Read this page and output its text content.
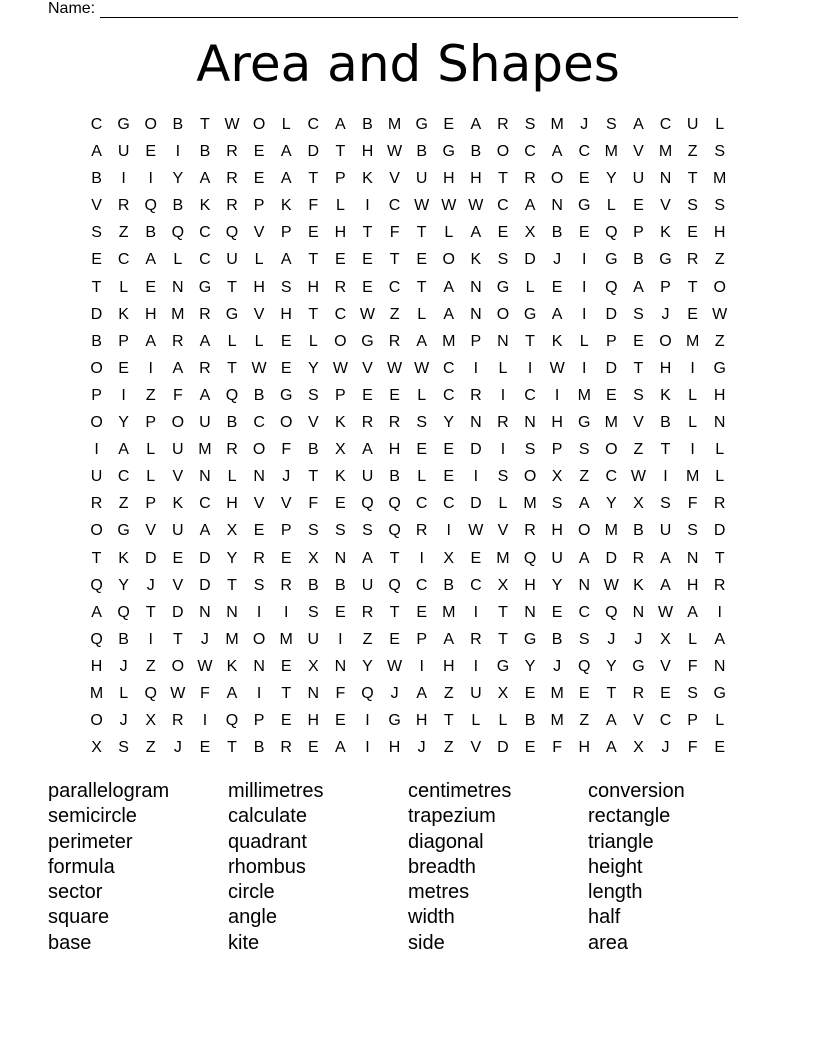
Name:
Area and Shapes
C G O B	T W O	L	C A	B M G E	A R S M	J	S	A C U	L
A U E	I	B R E	A D	T	H W B G B O C A C M V M Z	S
B	I	I	Y	A R E	A	T	P	K	V U H H	T	R O E	Y U N	T M
V R Q B	K R P	K	F	L	I	C W W W C A N G	L	E	V	S	S
S	Z	B Q C Q V	P	E H	T	F	T	L	A	E	X	B	E Q P	K	E H
E C A	L	C U	L	A	T	E	E	T	E O K	S D	J	I	G B G R	Z
T	L	E N G T	H S H R E C	T	A N G	L	E	I	Q A	P	T O
D K H M R G V H	T	C W Z	L	A N O G A	I	D S	J	E W
B	P	A R A	L	L	E	L	O G R A M P N	T	K	L	P	E O M Z
O E	I	A R	T W E	Y W V W W C	I	L	I	W	I	D	T	H	I	G
P	I	Z	F	A Q B G S	P	E	E	L	C R	I	C	I	M E	S	K	L	H
O Y	P O U B C O V	K R R S	Y N R N H G M V	B	L	N
I	A	L	U M R O F	B	X	A H E	E D	I	S	P	S O Z	T	I	L
U C	L	V N	L	N	J	T	K U B	L	E	I	S O X	Z	C W	I	M L
R	Z	P	K C H V	V	F	E Q Q C C D	L M S	A	Y	X	S	F	R
O G V U A	X	E	P	S	S	S Q R	I	W V R H O M B U S D
T	K D E D Y R E	X N A	T	I	X	E M Q U A D R A N	T
Q Y	J	V D	T	S R B	B U Q C B C X H Y N W K	A H R
A Q T	D N N	I	I	S	E R	T	E M	I	T	N E C Q N W A	I
Q B	I	T	J	M O M U	I	Z	E	P	A R	T G B	S	J	J	X	L	A
H	J	Z O W K N E	X N Y W	I	H	I	G Y	J	Q Y G V	F	N
M L	Q W F	A	I	T	N	F Q	J	A	Z	U X	E M E	T	R E	S G
O	J	X R	I	Q P	E H E	I	G H	T	L	L	B M Z	A	V C P	L
X	S	Z	J	E	T	B R E	A	I	H	J	Z	V D E	F	H A	X	J	F	E
parallelogram	millimetres	centimetres	conversion
semicircle	calculate	trapezium	rectangle
perimeter	quadrant	diagonal	triangle
formula	rhombus	breadth	height
sector	circle	metres	length
square	angle	width	half
base	kite	side	area
